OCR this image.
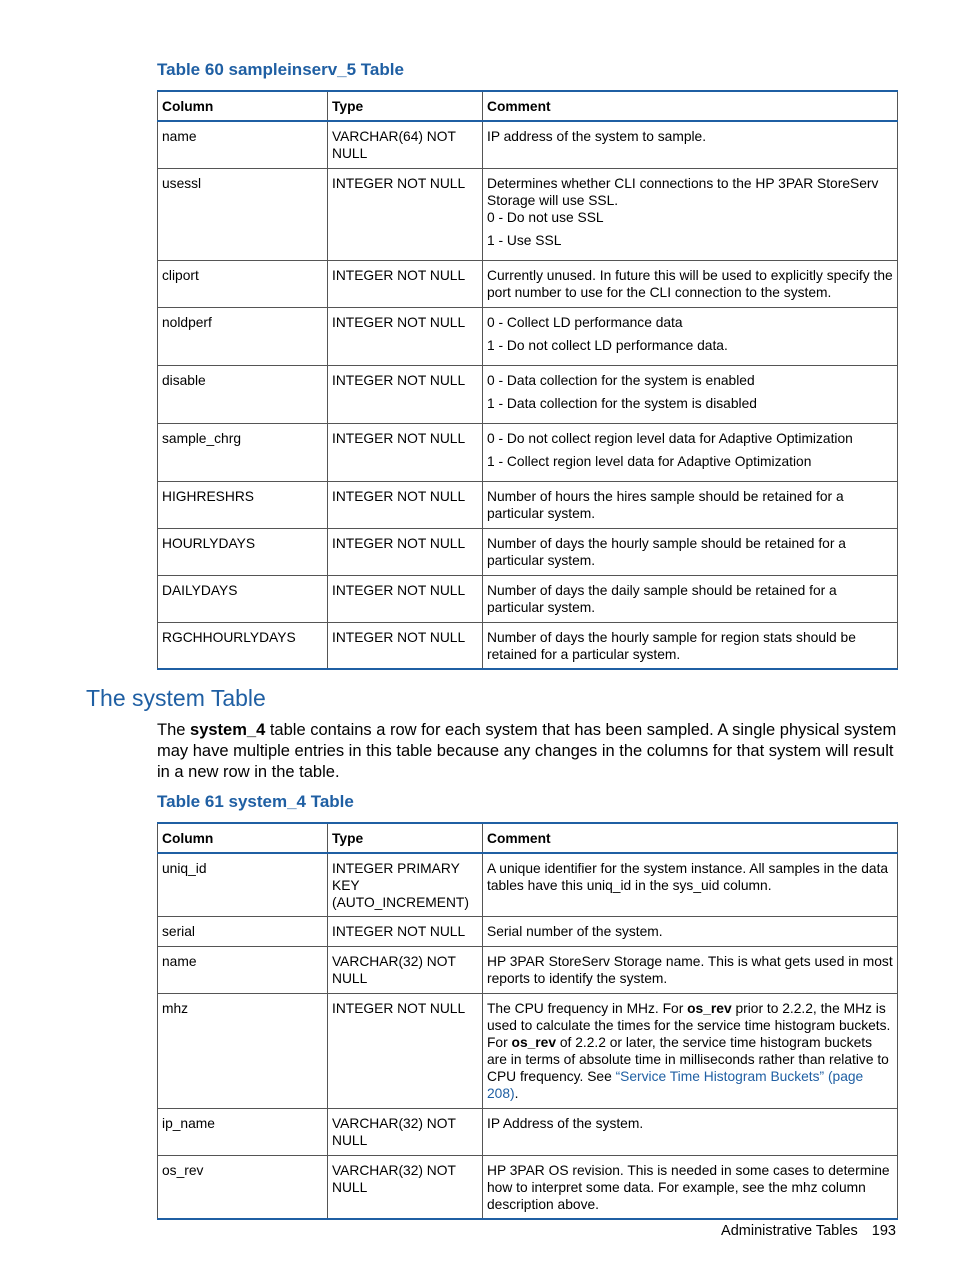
Table 60 sampleinserv_5 Table
Column	Type	Comment
name	VARCHAR(64) NOT NULL	IP address of the system to sample.

usessl	INTEGER NOT NULL	Determines whether CLI connections to the HP 3PAR StoreServ Storage will use SSL.
0 - Do not use SSL
1 - Use SSL

cliport	INTEGER NOT NULL	Currently unused. In future this will be used to explicitly specify the port number to use for the CLI connection to the system.

noldperf	INTEGER NOT NULL	0 - Collect LD performance data
1 - Do not collect LD performance data.

disable	INTEGER NOT NULL	0 - Data collection for the system is enabled
1 - Data collection for the system is disabled

sample_chrg	INTEGER NOT NULL	0 - Do not collect region level data for Adaptive Optimization
1 - Collect region level data for Adaptive Optimization

HIGHRESHRS	INTEGER NOT NULL	Number of hours the hires sample should be retained for a particular system.

HOURLYDAYS	INTEGER NOT NULL	Number of days the hourly sample should be retained for a particular system.

DAILYDAYS	INTEGER NOT NULL	Number of days the daily sample should be retained for a particular system.

RGCHHOURLYDAYS	INTEGER NOT NULL	Number of days the hourly sample for region stats should be retained for a particular system.
The system Table

The system_4 table contains a row for each system that has been sampled. A single physical system may have multiple entries in this table because any changes in the columns for that system will result in a new row in the table.

Table 61 system_4 Table
Column	Type	Comment
uniq_id	INTEGER PRIMARY KEY (AUTO_INCREMENT)	A unique identifier for the system instance. All samples in the data tables have this uniq_id in the sys_uid column.
serial	INTEGER NOT NULL	Serial number of the system.
name	VARCHAR(32) NOT NULL	HP 3PAR StoreServ Storage name. This is what gets used in most reports to identify the system.
mhz	INTEGER NOT NULL	The CPU frequency in MHz. For os_rev prior to 2.2.2, the MHz is used to calculate the times for the service time histogram buckets. For os_rev of 2.2.2 or later, the service time histogram buckets are in terms of absolute time in milliseconds rather than relative to CPU frequency. See “Service Time Histogram Buckets” (page 208).
ip_name	VARCHAR(32) NOT NULL	IP Address of the system.
os_rev	VARCHAR(32) NOT NULL	HP 3PAR OS revision. This is needed in some cases to determine how to interpret some data. For example, see the mhz column description above.
Administrative Tables 193
